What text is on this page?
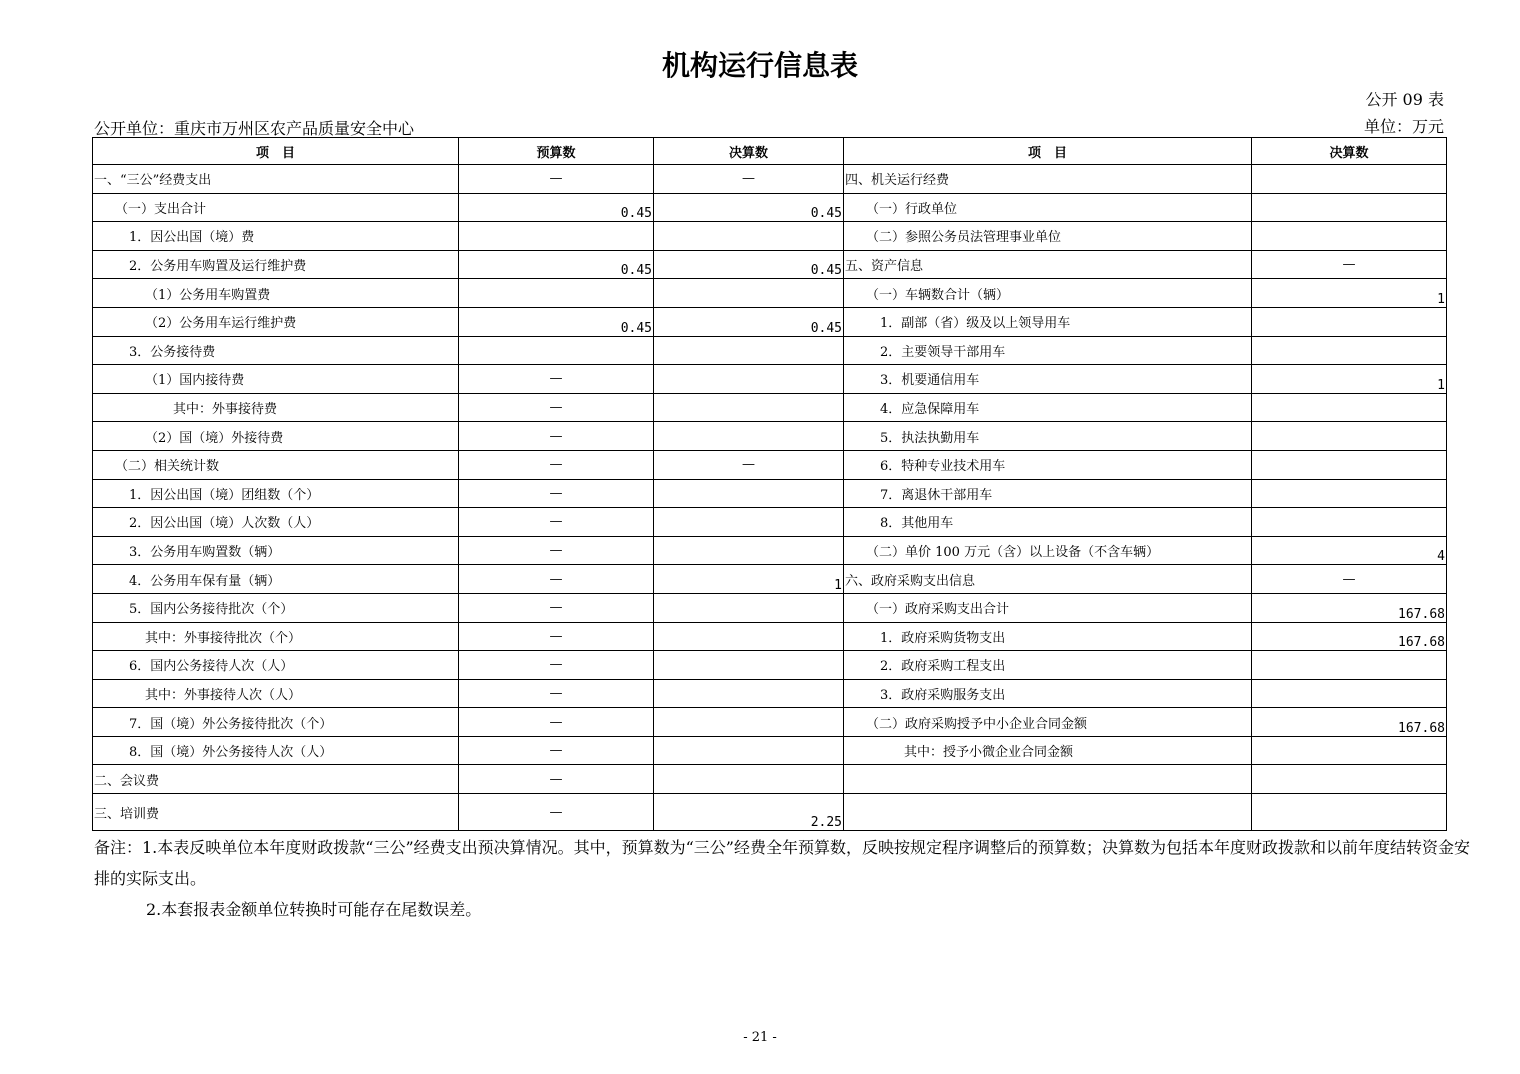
机构运行信息表
公开 09 表
公开单位：重庆市万州区农产品质量安全中心	单位：万元
项　目	预算数	决算数	项　目	决算数
一、“三公”经费支出	—	—	四、机关运行经费	
（一）支出合计	0.45	0.45	（一）行政单位	
1．因公出国（境）费			（二）参照公务员法管理事业单位	
2．公务用车购置及运行维护费	0.45	0.45	五、资产信息	—
（1）公务用车购置费			（一）车辆数合计（辆）	1
（2）公务用车运行维护费	0.45	0.45	1．副部（省）级及以上领导用车	
3．公务接待费			2．主要领导干部用车	
（1）国内接待费	—		3．机要通信用车	1
其中：外事接待费	—		4．应急保障用车	
（2）国（境）外接待费	—		5．执法执勤用车	
（二）相关统计数	—	—	6．特种专业技术用车	
1．因公出国（境）团组数（个）	—		7．离退休干部用车	
2．因公出国（境）人次数（人）	—		8．其他用车	
3．公务用车购置数（辆）	—		（二）单价 100 万元（含）以上设备（不含车辆）	4
4．公务用车保有量（辆）	—	1	六、政府采购支出信息	—
5．国内公务接待批次（个）	—		（一）政府采购支出合计	167.68
其中：外事接待批次（个）	—		1．政府采购货物支出	167.68
6．国内公务接待人次（人）	—		2．政府采购工程支出	
其中：外事接待人次（人）	—		3．政府采购服务支出	
7．国（境）外公务接待批次（个）	—		（二）政府采购授予中小企业合同金额	167.68
8．国（境）外公务接待人次（人）	—		其中：授予小微企业合同金额	
二、会议费	—			
三、培训费	—	2.25		

备注：1.本表反映单位本年度财政拨款“三公”经费支出预决算情况。其中，预算数为“三公”经费全年预算数，反映按规定程序调整后的预算数；决算数为包括本年度财政拨款和以前年度结转资金安排的实际支出。

2.本套报表金额单位转换时可能存在尾数误差。

- 21 -
